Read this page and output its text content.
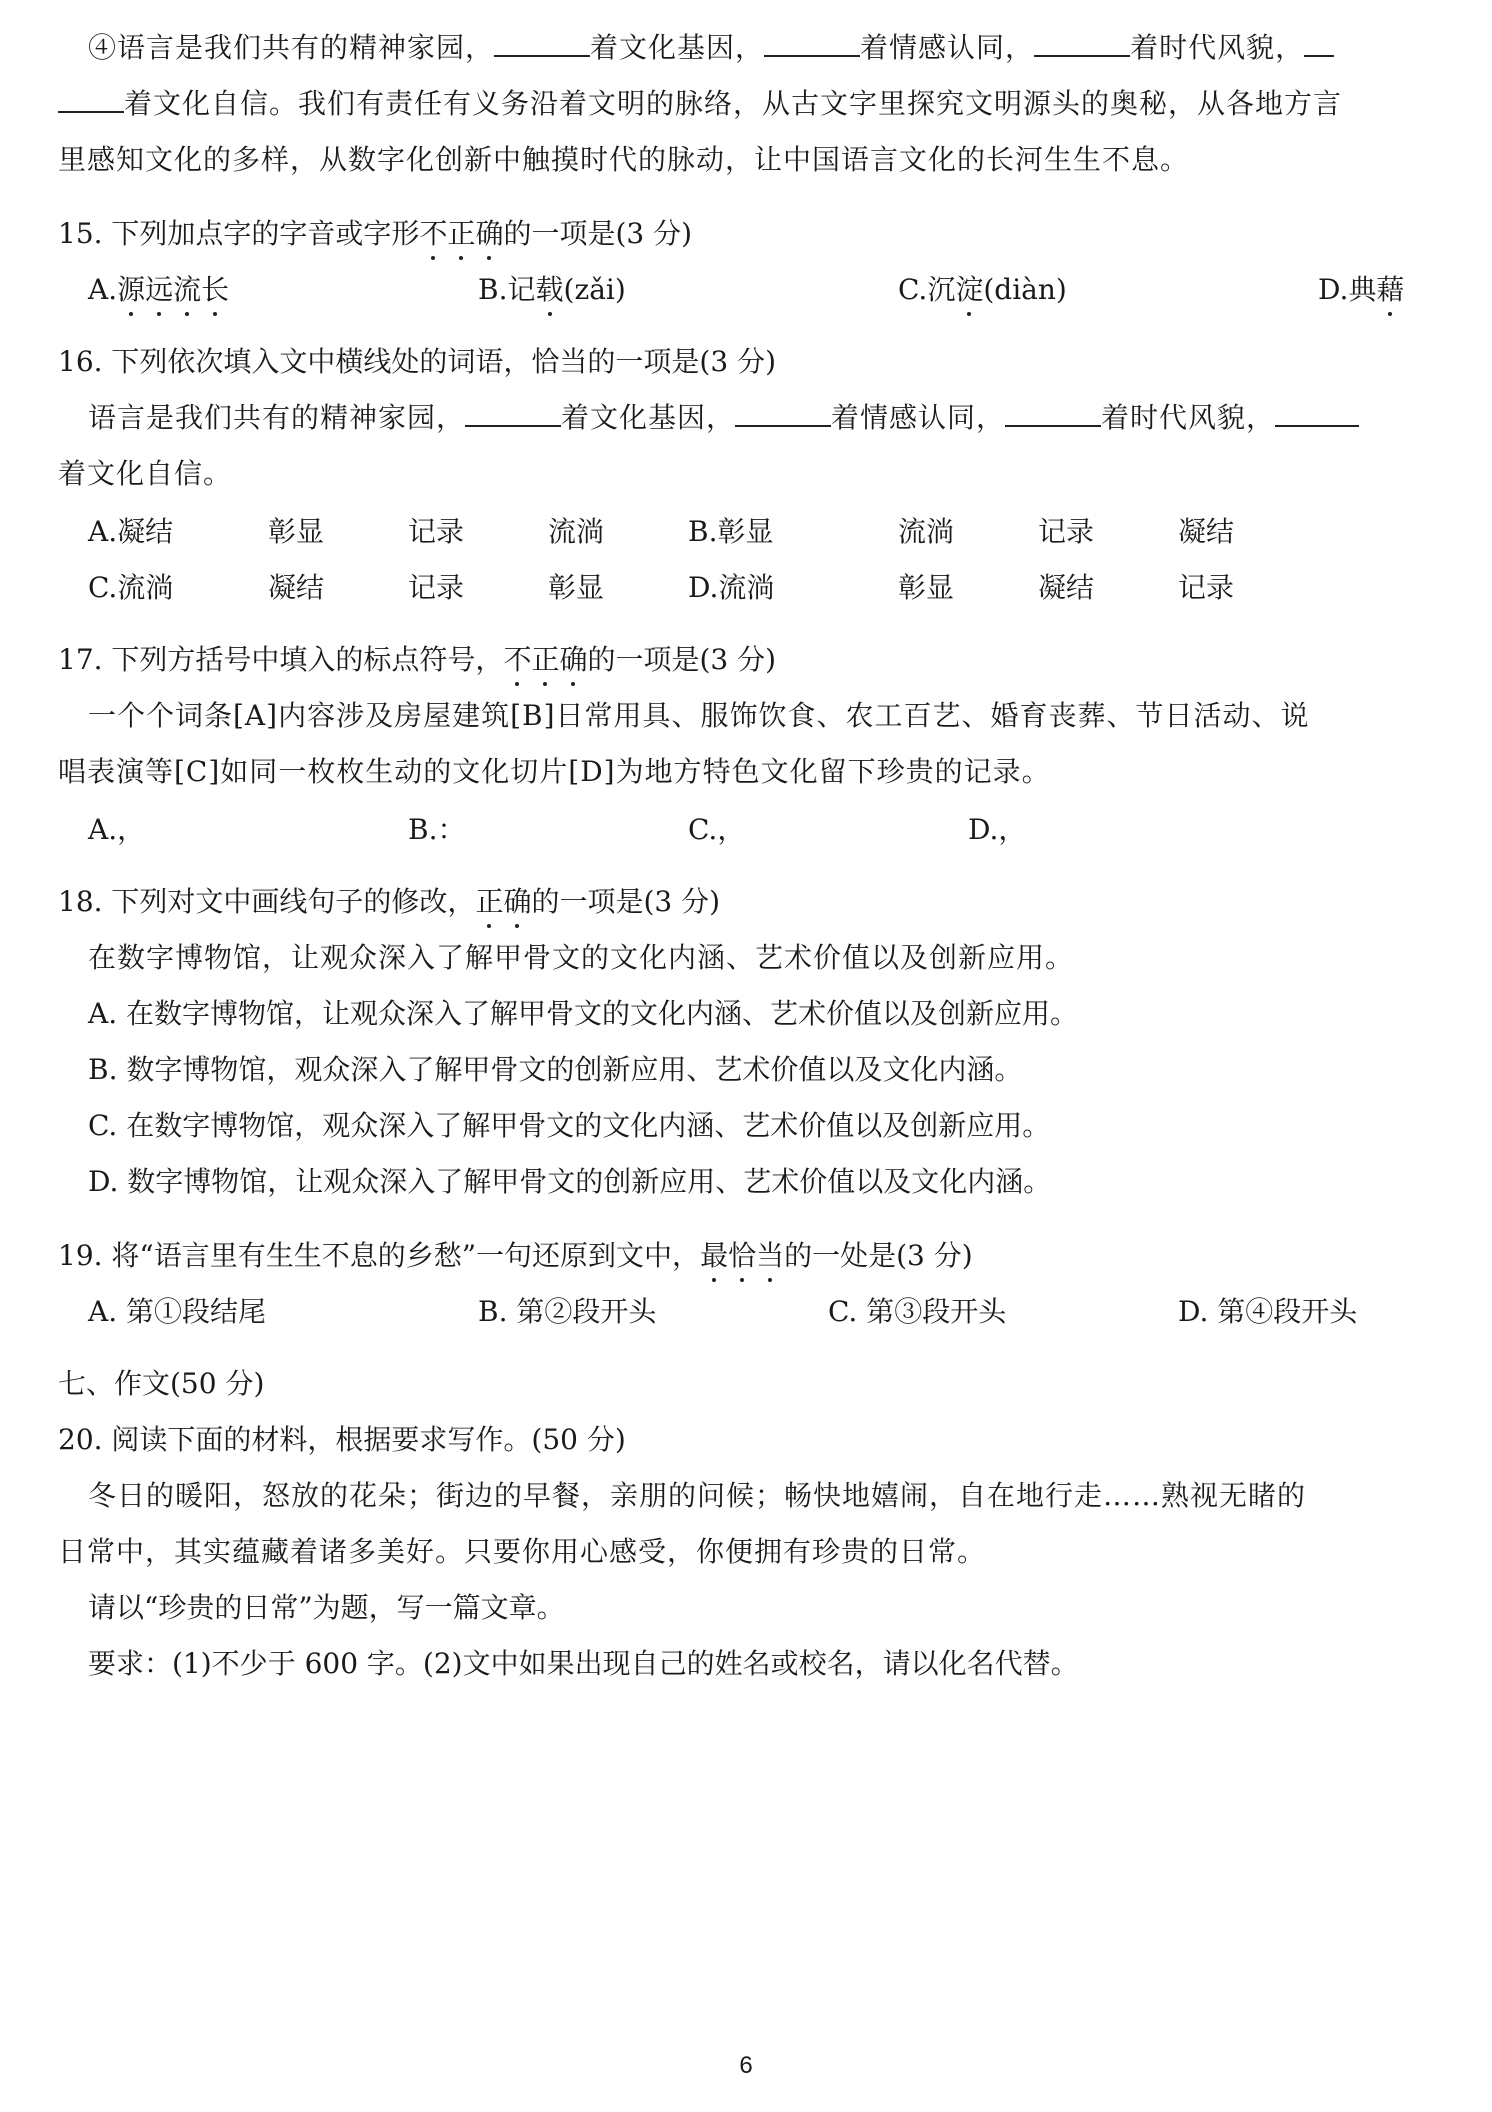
④语言是我们共有的精神家园，	着文化基因，	着情感认同，	着时代风貌，
着文化自信。我们有责任有义务沿着文明的脉络，从古文字里探究文明源头的奥秘，从各地方言
里感知文化的多样，从数字化创新中触摸时代的脉动，让中国语言文化的长河生生不息。
15. 下列加点字的字音或字形不正确的一项是(3 分)
A.源远流长	B.记载(zǎi)	C.沉淀(diàn)	D.典藉
16. 下列依次填入文中横线处的词语，恰当的一项是(3 分)
语言是我们共有的精神家园，	着文化基因，	着情感认同，	着时代风貌，
着文化自信。
A.凝结	彰显	记录	流淌	B.彰显	流淌	记录	凝结
C.流淌	凝结	记录	彰显	D.流淌	彰显	凝结	记录
17. 下列方括号中填入的标点符号，不正确的一项是(3 分)
一个个词条[A]内容涉及房屋建筑[B]日常用具、服饰饮食、农工百艺、婚育丧葬、节日活动、说
唱表演等[C]如同一枚枚生动的文化切片[D]为地方特色文化留下珍贵的记录。
A.，	B.：	C.，	D.，
18. 下列对文中画线句子的修改，正确的一项是(3 分)
在数字博物馆，让观众深入了解甲骨文的文化内涵、艺术价值以及创新应用。
A. 在数字博物馆，让观众深入了解甲骨文的文化内涵、艺术价值以及创新应用。
B. 数字博物馆，观众深入了解甲骨文的创新应用、艺术价值以及文化内涵。
C. 在数字博物馆，观众深入了解甲骨文的文化内涵、艺术价值以及创新应用。
D. 数字博物馆，让观众深入了解甲骨文的创新应用、艺术价值以及文化内涵。
19. 将“语言里有生生不息的乡愁”一句还原到文中，最恰当的一处是(3 分)
A. 第①段结尾	B. 第②段开头	C. 第③段开头	D. 第④段开头
七、作文(50 分)
20. 阅读下面的材料，根据要求写作。(50 分)
冬日的暖阳，怒放的花朵；街边的早餐，亲朋的问候；畅快地嬉闹，自在地行走……熟视无睹的
日常中，其实蕴藏着诸多美好。只要你用心感受，你便拥有珍贵的日常。
请以“珍贵的日常”为题，写一篇文章。
要求：(1)不少于 600 字。(2)文中如果出现自己的姓名或校名，请以化名代替。
6
